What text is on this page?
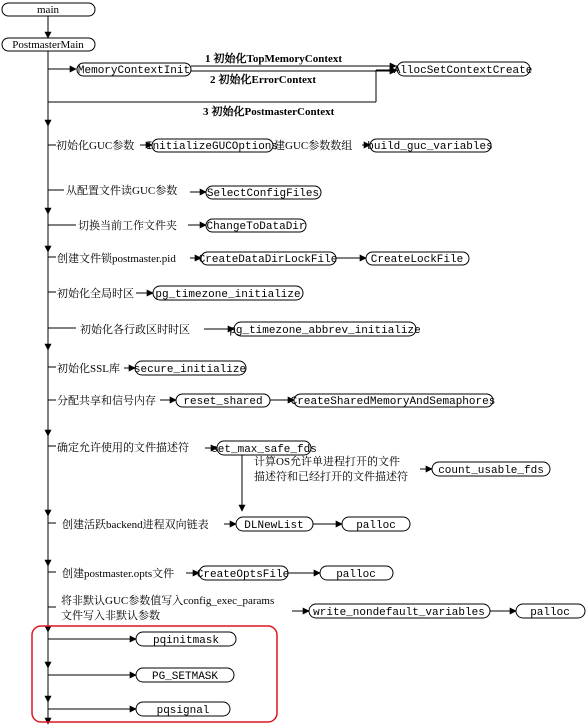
main
PostmasterMain
MemoryContextInit	AllocSetContextCreate
1 初始化TopMemoryContext
2 初始化ErrorContext
3 初始化PostmasterContext
初始化GUC参数 InitializeGUCOptions
建GUC参数数组 build_guc_variables
从配置文件读GUC参数	SelectConfigFiles
切换当前工作文件夹	ChangeToDataDir
创建文件锁postmaster.pid CreateDataDirLockFile	CreateLockFile
初始化全局时区 pg_timezone_initialize
初始化各行政区时时区	pg_timezone_abbrev_initialize
初始化SSL库 secure_initialize
分配共享和信号内存 reset_shared	CreateSharedMemoryAndSemaphores
确定允许使用的文件描述符 set_max_safe_fds
计算OS允许单进程打开的文件
描述符和已经打开的文件描述符	count_usable_fds
创建活跃backend进程双向链表	DLNewList	palloc
创建postmaster.opts文件 CreateOptsFile	palloc
将非默认GUC参数值写入config_exec_params
文件写入非默认参数	write_nondefault_variables	palloc
pqinitmask
PG_SETMASK
pqsignal
